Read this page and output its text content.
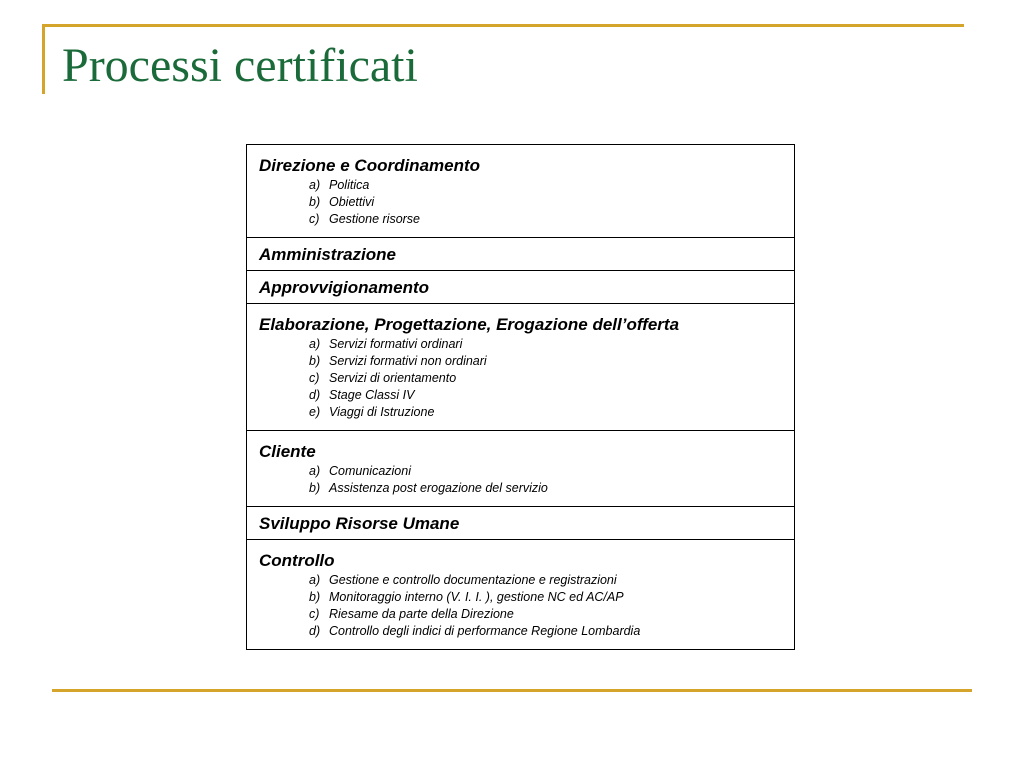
Processi certificati
Direzione e Coordinamento
a) Politica
b) Obiettivi
c) Gestione risorse
Amministrazione
Approvvigionamento
Elaborazione, Progettazione, Erogazione dell’offerta
a) Servizi formativi ordinari
b) Servizi formativi non ordinari
c) Servizi di orientamento
d) Stage Classi IV
e) Viaggi di Istruzione
Cliente
a) Comunicazioni
b) Assistenza post erogazione del servizio
Sviluppo Risorse Umane
Controllo
a) Gestione e controllo documentazione e registrazioni
b) Monitoraggio interno (V. I. I. ), gestione NC ed AC/AP
c) Riesame da parte della Direzione
d) Controllo degli indici di performance Regione Lombardia
